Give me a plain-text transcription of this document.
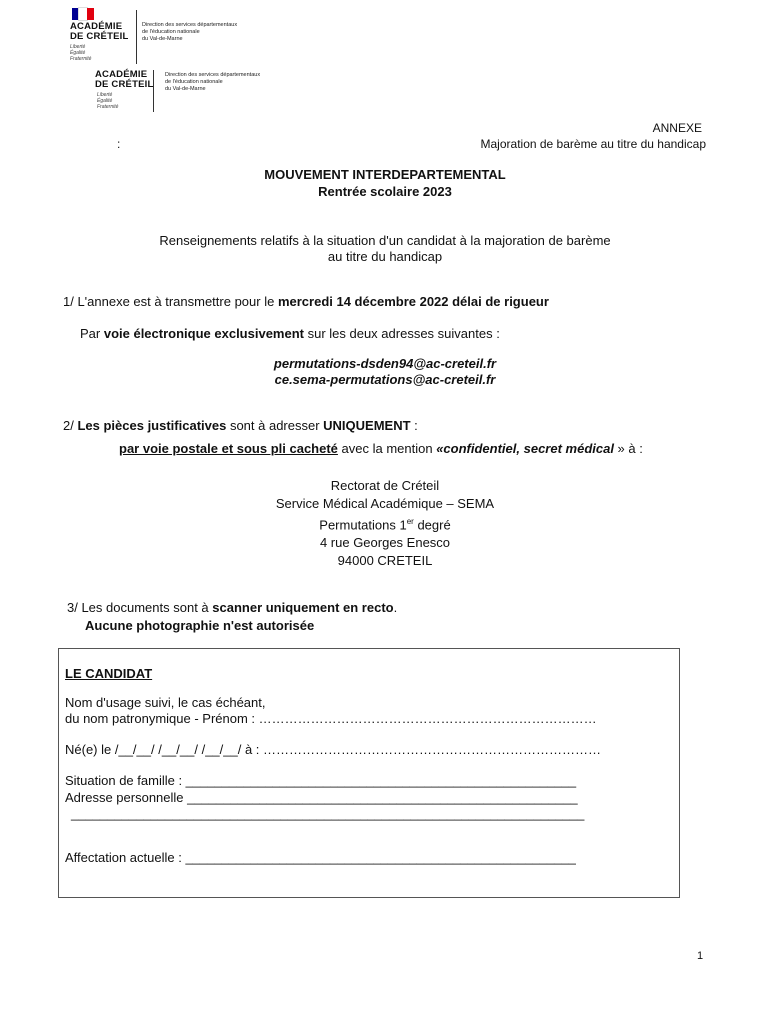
ACADÉMIE
DE CRÉTEIL
Liberté
Égalité
Fraternité
Direction des services départementaux
de l'éducation nationale
du Val-de-Marne
ACADÉMIE
DE CRÉTEIL
Liberté
Égalité
Fraternité
Direction des services départementaux
de l'éducation nationale
du Val-de-Marne
ANNEXE
:	Majoration de barème au titre du handicap
MOUVEMENT INTERDEPARTEMENTAL
Rentrée scolaire 2023
Renseignements relatifs à la situation d'un candidat à la majoration de barème
au titre du handicap
1/ L'annexe est à transmettre pour le mercredi 14 décembre 2022 délai de rigueur
Par voie électronique exclusivement sur les deux adresses suivantes :
permutations-dsden94@ac-creteil.fr
ce.sema-permutations@ac-creteil.fr
2/ Les pièces justificatives sont à adresser UNIQUEMENT :
par voie postale et sous pli cacheté avec la mention «confidentiel, secret médical » à :
Rectorat de Créteil
Service Médical Académique – SEMA
Permutations 1er degré
4 rue Georges Enesco
94000 CRETEIL
3/ Les documents sont à scanner uniquement en recto.
Aucune photographie n'est autorisée
LE CANDIDAT
Nom d'usage suivi, le cas échéant,
du nom patronymique - Prénom : ……………………………………………………………………
Né(e) le /__/__/ /__/__/ /__/__/ à : ……………………………………………………………………
Situation de famille : ______________________________________________________
Adresse personnelle ______________________________________________________
_______________________________________________________________________
Affectation actuelle : ______________________________________________________
1
